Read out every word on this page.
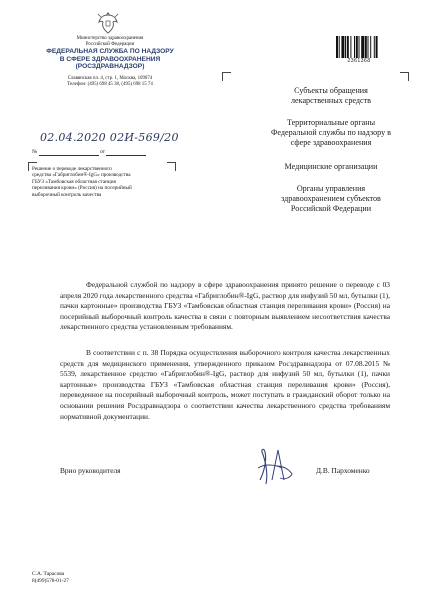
Министерство здравоохранения
Российской Федерации
ФЕДЕРАЛЬНАЯ СЛУЖБА ПО НАДЗОРУ
В СФЕРЕ ЗДРАВООХРАНЕНИЯ
(РОСЗДРАВНАДЗОР)
Славянская пл. 4, стр. 1, Москва, 109074
Телефон: (495) 698 45 38, (495) 698 15 74
02.04.2020 02И-569/20
№	от
Решение о переводе лекарственного
средства «Габриглобин®-IgG» производства
ГБУЗ «Тамбовская областная станция
переливания крови» (Россия) на посерийный
выборочный контроль качества
2361368
Субъекты обращения
лекарственных средств
Территориальные органы
Федеральной службы по надзору в
сфере здравоохранения
Медицинские организации
Органы управления
здравоохранением субъектов
Российской Федерации

Федеральной службой по надзору в сфере здравоохранения принято решение о переводе с 03 апреля 2020 года лекарственного средства «Габриглобин®-IgG, раствор для инфузий 50 мл, бутылки (1), пачки картонные» производства ГБУЗ «Тамбовская областная станция переливания крови» (Россия) на посерийный выборочный контроль качества в связи с повторным выявлением несоответствия качества лекарственного средства установленным требованиям.

В соответствии с п. 38 Порядка осуществления выборочного контроля качества лекарственных средств для медицинского применения, утвержденного приказом Росздравнадзора от 07.08.2015 № 5539, лекарственное средство «Габриглобин®-IgG, раствор для инфузий 50 мл, бутылки (1), пачки картонные» производства ГБУЗ «Тамбовская областная станция переливания крови» (Россия), переведенное на посерийный выборочный контроль, может поступать в гражданский оборот только на основании решения Росздравнадзора о соответствии качества лекарственного средства требованиям нормативной документации.

Врио руководителя	Д.В. Пархоменко
С.А. Тарасова
8(499)578-01-27
